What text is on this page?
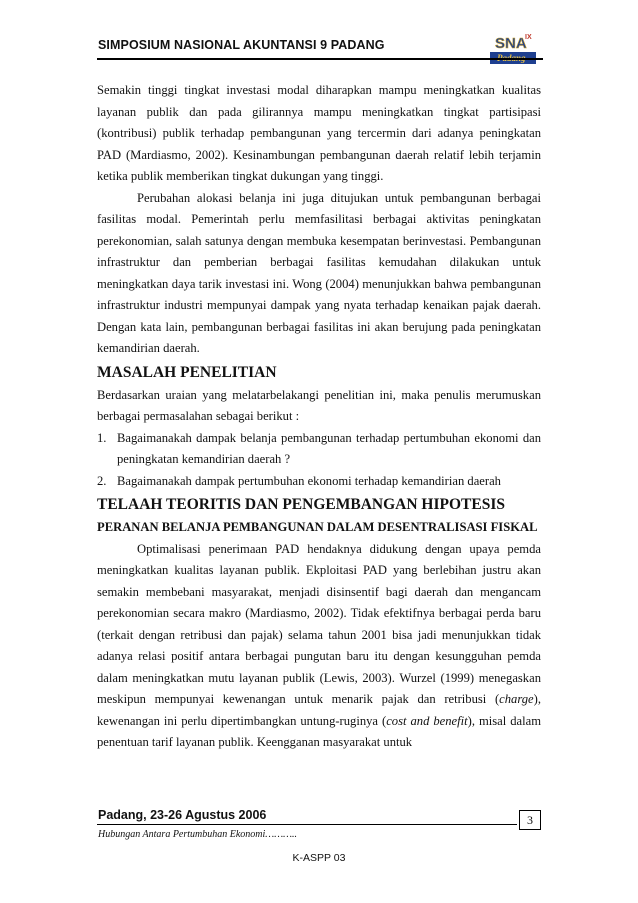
SIMPOSIUM NASIONAL AKUNTANSI 9 PADANG	SNA
IX
Padang

Semakin tinggi tingkat investasi modal diharapkan mampu meningkatkan kualitas layanan publik dan pada gilirannya mampu meningkatkan tingkat partisipasi (kontribusi) publik terhadap pembangunan yang tercermin dari adanya peningkatan PAD (Mardiasmo, 2002). Kesinambungan pembangunan daerah relatif lebih terjamin ketika publik memberikan tingkat dukungan yang tinggi.

Perubahan alokasi belanja ini juga ditujukan untuk pembangunan berbagai fasilitas modal. Pemerintah perlu memfasilitasi berbagai aktivitas peningkatan perekonomian, salah satunya dengan membuka kesempatan berinvestasi. Pembangunan infrastruktur dan pemberian berbagai fasilitas kemudahan dilakukan untuk meningkatkan daya tarik investasi ini. Wong (2004) menunjukkan bahwa pembangunan infrastruktur industri mempunyai dampak yang nyata terhadap kenaikan pajak daerah. Dengan kata lain, pembangunan berbagai fasilitas ini akan berujung pada peningkatan kemandirian daerah.

MASALAH PENELITIAN

Berdasarkan uraian yang melatarbelakangi penelitian ini, maka penulis merumuskan berbagai permasalahan sebagai berikut :

1. Bagaimanakah dampak belanja pembangunan terhadap pertumbuhan ekonomi dan peningkatan kemandirian daerah ?
2. Bagaimanakah dampak pertumbuhan ekonomi terhadap kemandirian daerah
TELAAH TEORITIS DAN PENGEMBANGAN HIPOTESIS
PERANAN BELANJA PEMBANGUNAN DALAM DESENTRALISASI FISKAL

Optimalisasi penerimaan PAD hendaknya didukung dengan upaya pemda meningkatkan kualitas layanan publik. Ekploitasi PAD yang berlebihan justru akan semakin membebani masyarakat, menjadi disinsentif bagi daerah dan mengancam perekonomian secara makro (Mardiasmo, 2002). Tidak efektifnya berbagai perda baru (terkait dengan retribusi dan pajak) selama tahun 2001 bisa jadi menunjukkan tidak adanya relasi positif antara berbagai pungutan baru itu dengan kesungguhan pemda dalam meningkatkan mutu layanan publik (Lewis, 2003). Wurzel (1999) menegaskan meskipun mempunyai kewenangan untuk menarik pajak dan retribusi (charge), kewenangan ini perlu dipertimbangkan untung-ruginya (cost and benefit), misal dalam penentuan tarif layanan publik. Keengganan masyarakat untuk

Padang, 23-26 Agustus 2006	3
Hubungan Antara Pertumbuhan Ekonomi………..
K-ASPP 03
